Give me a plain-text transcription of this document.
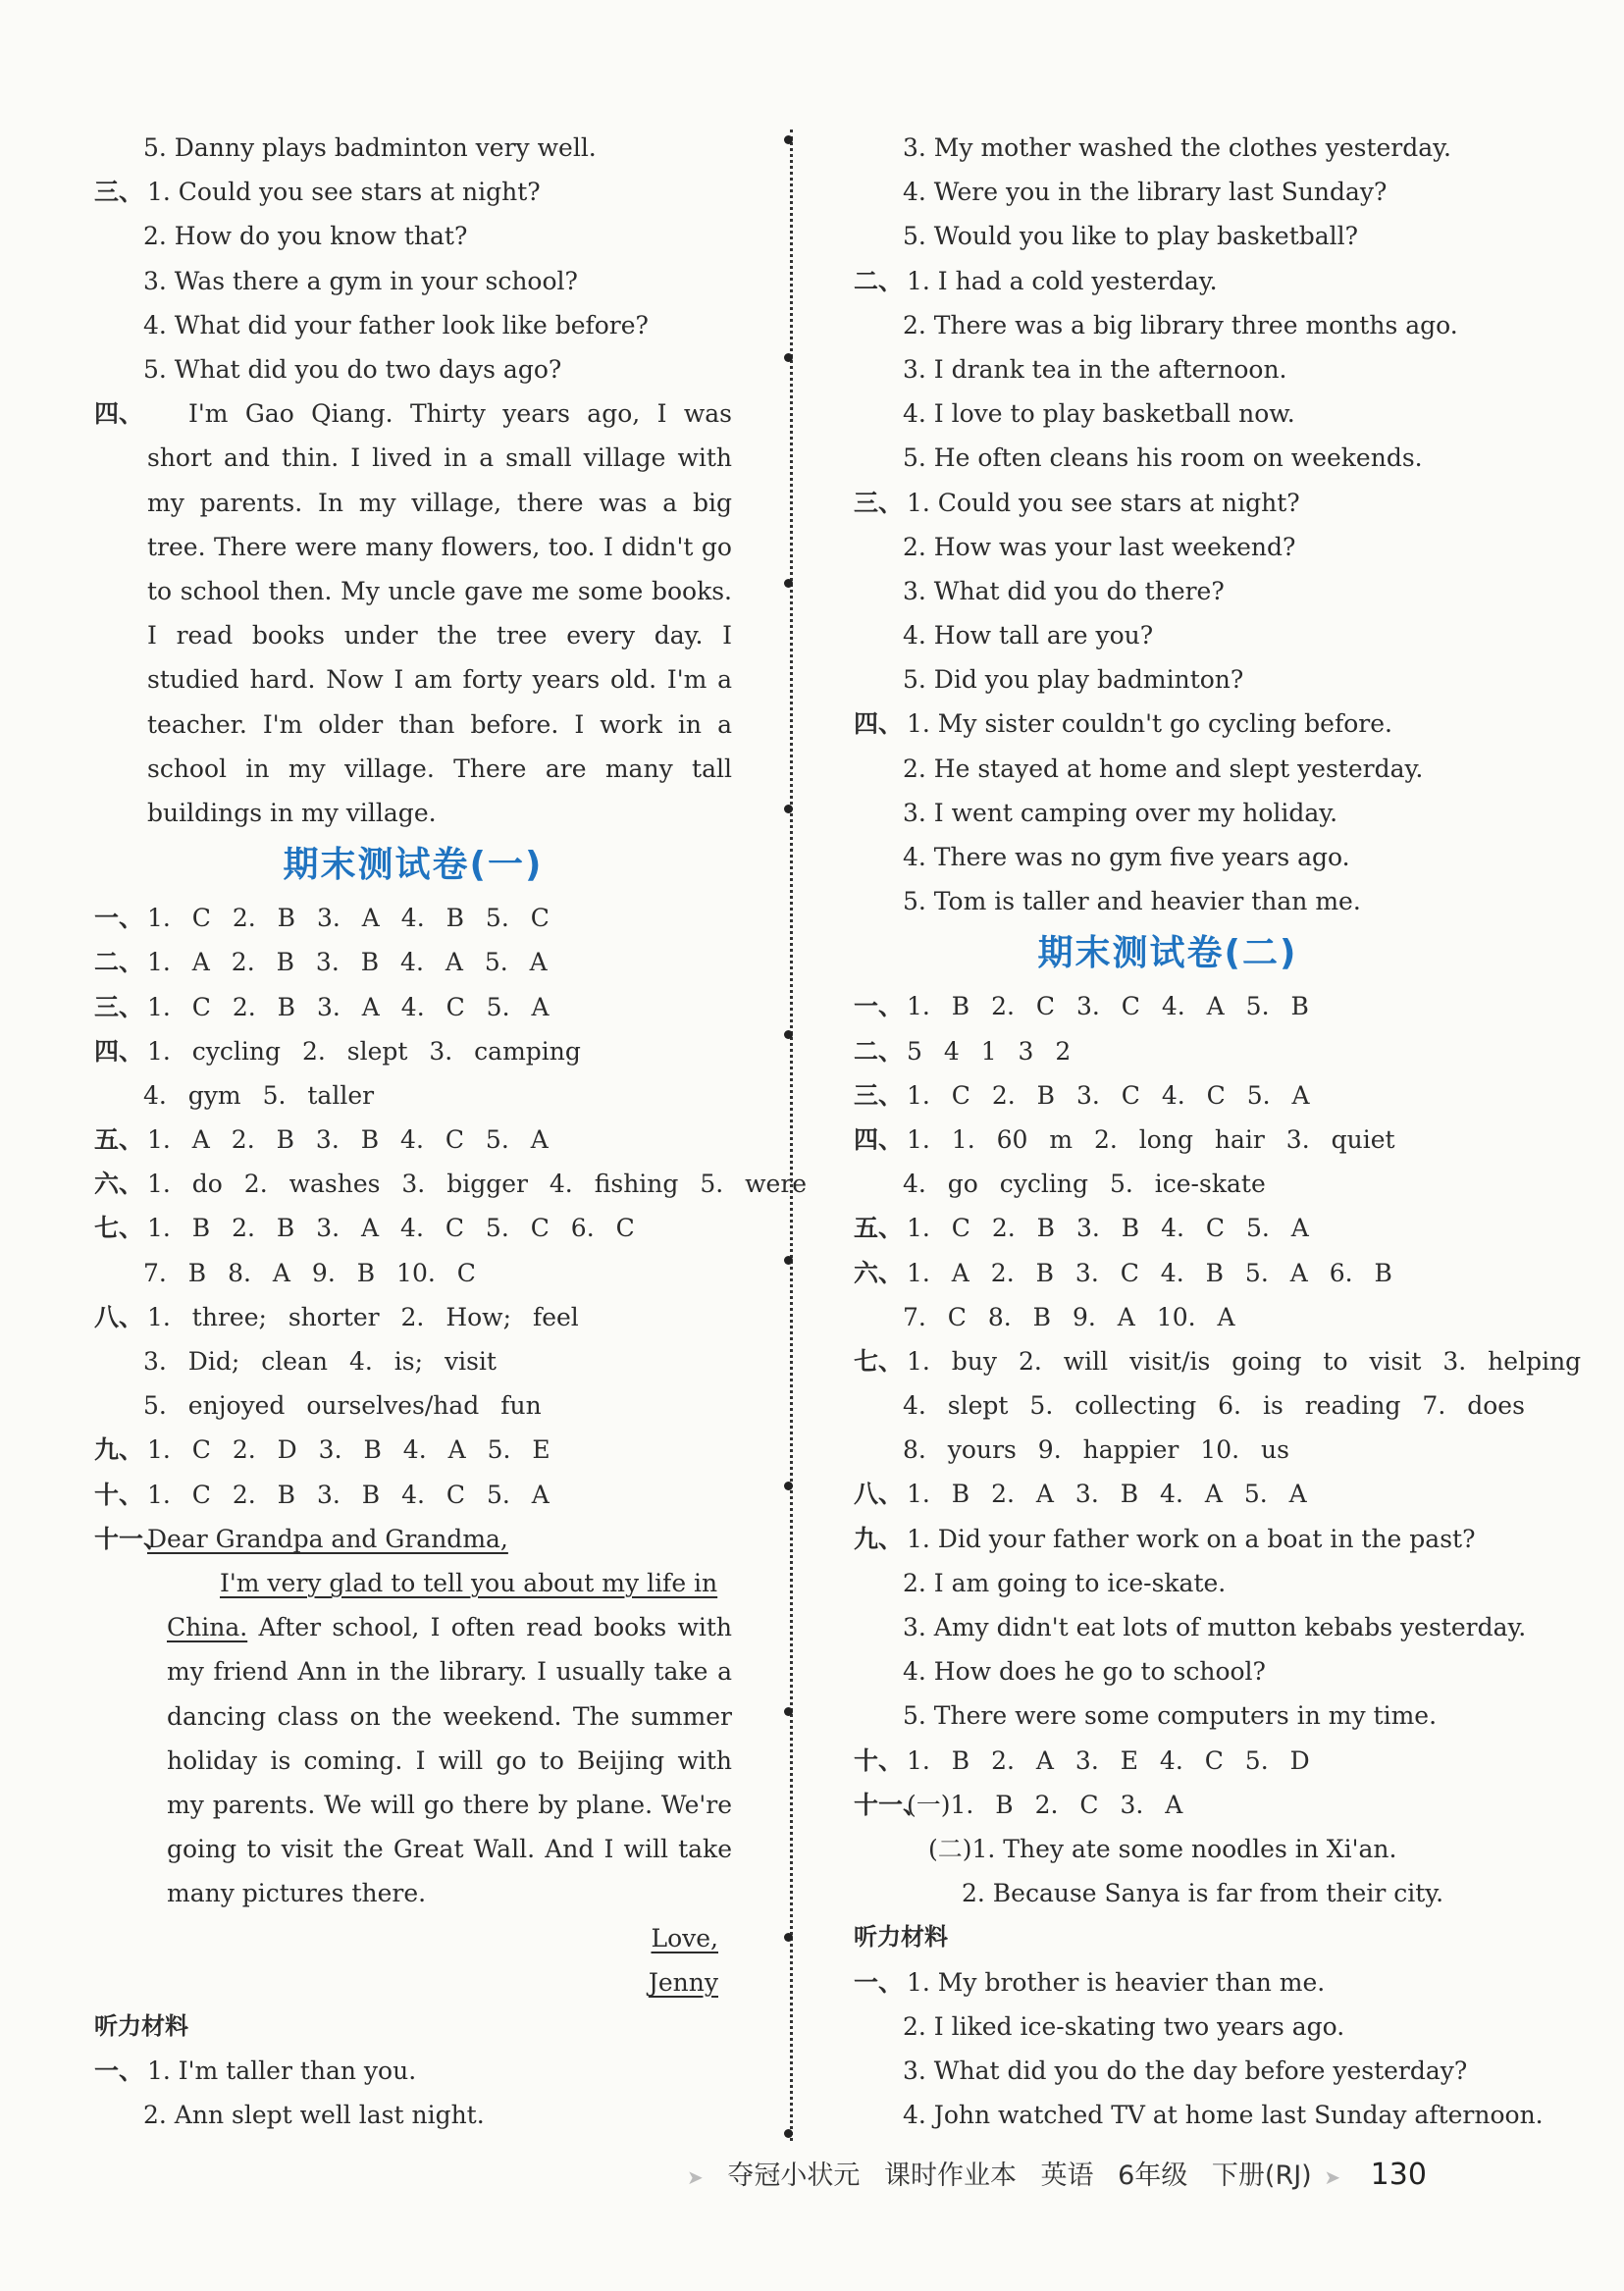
5. Danny plays badminton very well.
三、 1. Could you see stars at night?
2. How do you know that?
3. Was there a gym in your school?
4. What did your father look like before?
5. What did you do two days ago?
四、	I'm Gao Qiang. Thirty years ago, I was short and thin. I lived in a small village with my parents. In my village, there was a big tree. There were many flowers, too. I didn't go to school then. My uncle gave me some books. I read books under the tree every day. I studied hard. Now I am forty years old. I'm a teacher. I'm older than before. I work in a school in my village. There are many tall buildings in my village.
期末测试卷(一)
一、 1. C 2. B 3. A 4. B 5. C
二、 1. A 2. B 3. B 4. A 5. A
三、 1. C 2. B 3. A 4. C 5. A
四、 1. cycling 2. slept 3. camping
4. gym 5. taller
五、 1. A 2. B 3. B 4. C 5. A
六、 1. do 2. washes 3. bigger 4. fishing 5. were
七、 1. B 2. B 3. A 4. C 5. C 6. C
7. B 8. A 9. B 10. C
八、 1. three; shorter 2. How; feel
3. Did; clean 4. is; visit
5. enjoyed ourselves/had fun
九、 1. C 2. D 3. B 4. A 5. E
十、 1. C 2. B 3. B 4. C 5. A
十一、Dear Grandpa and Grandma,
I'm very glad to tell you about my life in
China. After school, I often read books with my friend Ann in the library. I usually take a dancing class on the weekend. The summer holiday is coming. I will go to Beijing with my parents. We will go there by plane. We're going to visit the Great Wall. And I will take many pictures there.
Love,
Jenny
听力材料
一、 1. I'm taller than you.
2. Ann slept well last night.
3. My mother washed the clothes yesterday.
4. Were you in the library last Sunday?
5. Would you like to play basketball?
二、 1. I had a cold yesterday.
2. There was a big library three months ago.
3. I drank tea in the afternoon.
4. I love to play basketball now.
5. He often cleans his room on weekends.
三、 1. Could you see stars at night?
2. How was your last weekend?
3. What did you do there?
4. How tall are you?
5. Did you play badminton?
四、 1. My sister couldn't go cycling before.
2. He stayed at home and slept yesterday.
3. I went camping over my holiday.
4. There was no gym five years ago.
5. Tom is taller and heavier than me.
期末测试卷(二)
一、 1. B 2. C 3. C 4. A 5. B
二、 5 4 1 3 2
三、 1. C 2. B 3. C 4. C 5. A
四、 1. 1. 60 m 2. long hair 3. quiet
4. go cycling 5. ice-skate
五、 1. C 2. B 3. B 4. C 5. A
六、 1. A 2. B 3. C 4. B 5. A 6. B
7. C 8. B 9. A 10. A
七、 1. buy 2. will visit/is going to visit 3. helping
4. slept 5. collecting 6. is reading 7. does
8. yours 9. happier 10. us
八、 1. B 2. A 3. B 4. A 5. A
九、 1. Did your father work on a boat in the past?
2. I am going to ice-skate.
3. Amy didn't eat lots of mutton kebabs yesterday.
4. How does he go to school?
5. There were some computers in my time.
十、 1. B 2. A 3. E 4. C 5. D
十一、(一)1. B 2. C 3. A
(二)1. They ate some noodles in Xi'an.
2. Because Sanya is far from their city.
听力材料
一、 1. My brother is heavier than me.
2. I liked ice-skating two years ago.
3. What did you do the day before yesterday?
4. John watched TV at home last Sunday afternoon.
➤ 夺冠小状元 课时作业本 英语 6年级 下册(RJ) ➤ 130
